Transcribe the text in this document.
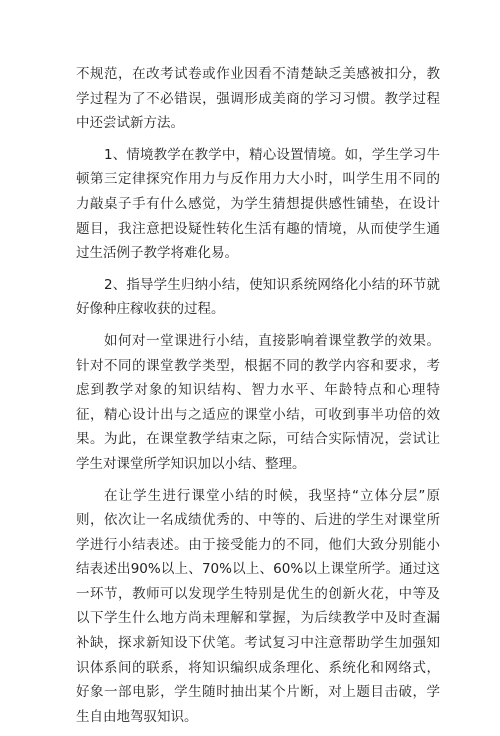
不规范，在改考试卷或作业因看不清楚缺乏美感被扣分，教学过程为了不必错误，强调形成美商的学习习惯。教学过程中还尝试新方法。

1、情境教学在教学中，精心设置情境。如，学生学习牛顿第三定律探究作用力与反作用力大小时，叫学生用不同的力敲桌子手有什么感觉，为学生猜想提供感性铺垫，在设计题目，我注意把设疑性转化生活有趣的情境，从而使学生通过生活例子教学将难化易。

2、指导学生归纳小结，使知识系统网络化小结的环节就好像种庄稼收获的过程。

如何对一堂课进行小结，直接影响着课堂教学的效果。针对不同的课堂教学类型，根据不同的教学内容和要求，考虑到教学对象的知识结构、智力水平、年龄特点和心理特征，精心设计出与之适应的课堂小结，可收到事半功倍的效果。为此，在课堂教学结束之际，可结合实际情况，尝试让学生对课堂所学知识加以小结、整理。

在让学生进行课堂小结的时候，我坚持“立体分层”原则，依次让一名成绩优秀的、中等的、后进的学生对课堂所学进行小结表述。由于接受能力的不同，他们大致分别能小结表述出90%以上、70%以上、60%以上课堂所学。通过这一环节，教师可以发现学生特别是优生的创新火花，中等及以下学生什么地方尚未理解和掌握，为后续教学中及时查漏补缺，探求新知设下伏笔。考试复习中注意帮助学生加强知识体系间的联系，将知识编织成条理化、系统化和网络式，好象一部电影，学生随时抽出某个片断，对上题目击破，学生自由地驾驭知识。
